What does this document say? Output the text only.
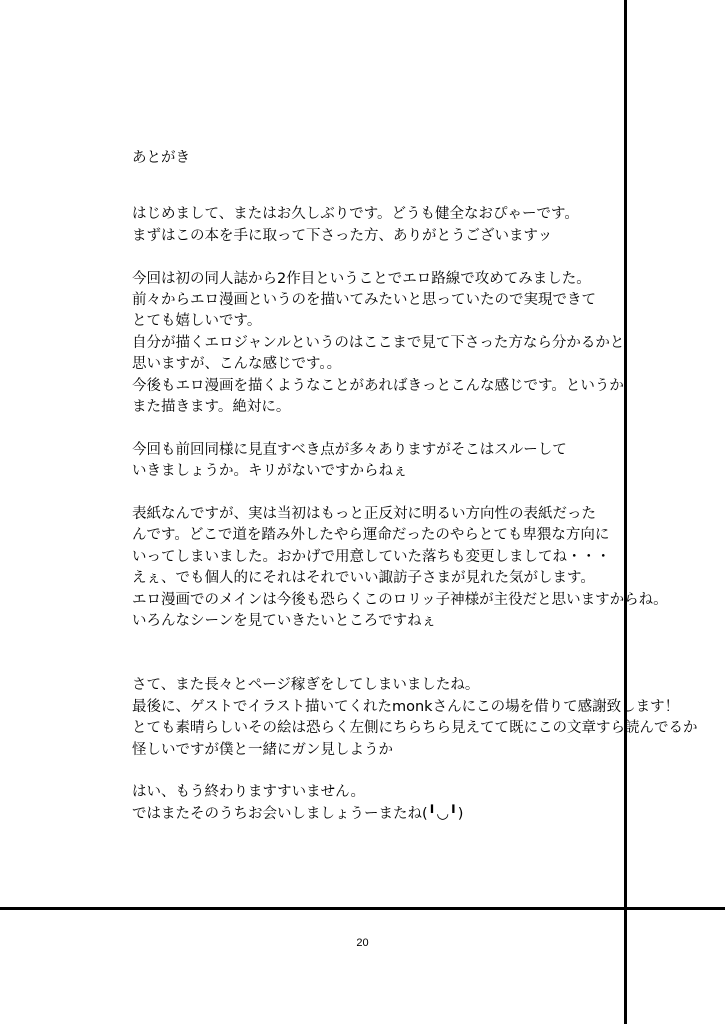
あとがき
はじめまして、またはお久しぶりです。どうも健全なおぴゃーです。
まずはこの本を手に取って下さった方、ありがとうございますッ
今回は初の同人誌から2作目ということでエロ路線で攻めてみました。
前々からエロ漫画というのを描いてみたいと思っていたので実現できて
とても嬉しいです。
自分が描くエロジャンルというのはここまで見て下さった方なら分かるかと
思いますが、こんな感じです。。
今後もエロ漫画を描くようなことがあればきっとこんな感じです。というか
また描きます。絶対に。
今回も前回同様に見直すべき点が多々ありますがそこはスルーして
いきましょうか。キリがないですからねぇ
表紙なんですが、実は当初はもっと正反対に明るい方向性の表紙だった
んです。どこで道を踏み外したやら運命だったのやらとても卑猥な方向に
いってしまいました。おかげで用意していた落ちも変更しましてね・・・
えぇ、でも個人的にそれはそれでいい諏訪子さまが見れた気がします。
エロ漫画でのメインは今後も恐らくこのロリッ子神様が主役だと思いますからね。
いろんなシーンを見ていきたいところですねぇ
さて、また長々とページ稼ぎをしてしまいましたね。
最後に、ゲストでイラスト描いてくれたmonkさんにこの場を借りて感謝致します！
とても素晴らしいその絵は恐らく左側にちらちら見えてて既にこの文章すら読んでるか
怪しいですが僕と一緒にガン見しようか
はい、もう終わりますすいません。
ではまたそのうちお会いしましょうーまたね(╹◡╹)
20
